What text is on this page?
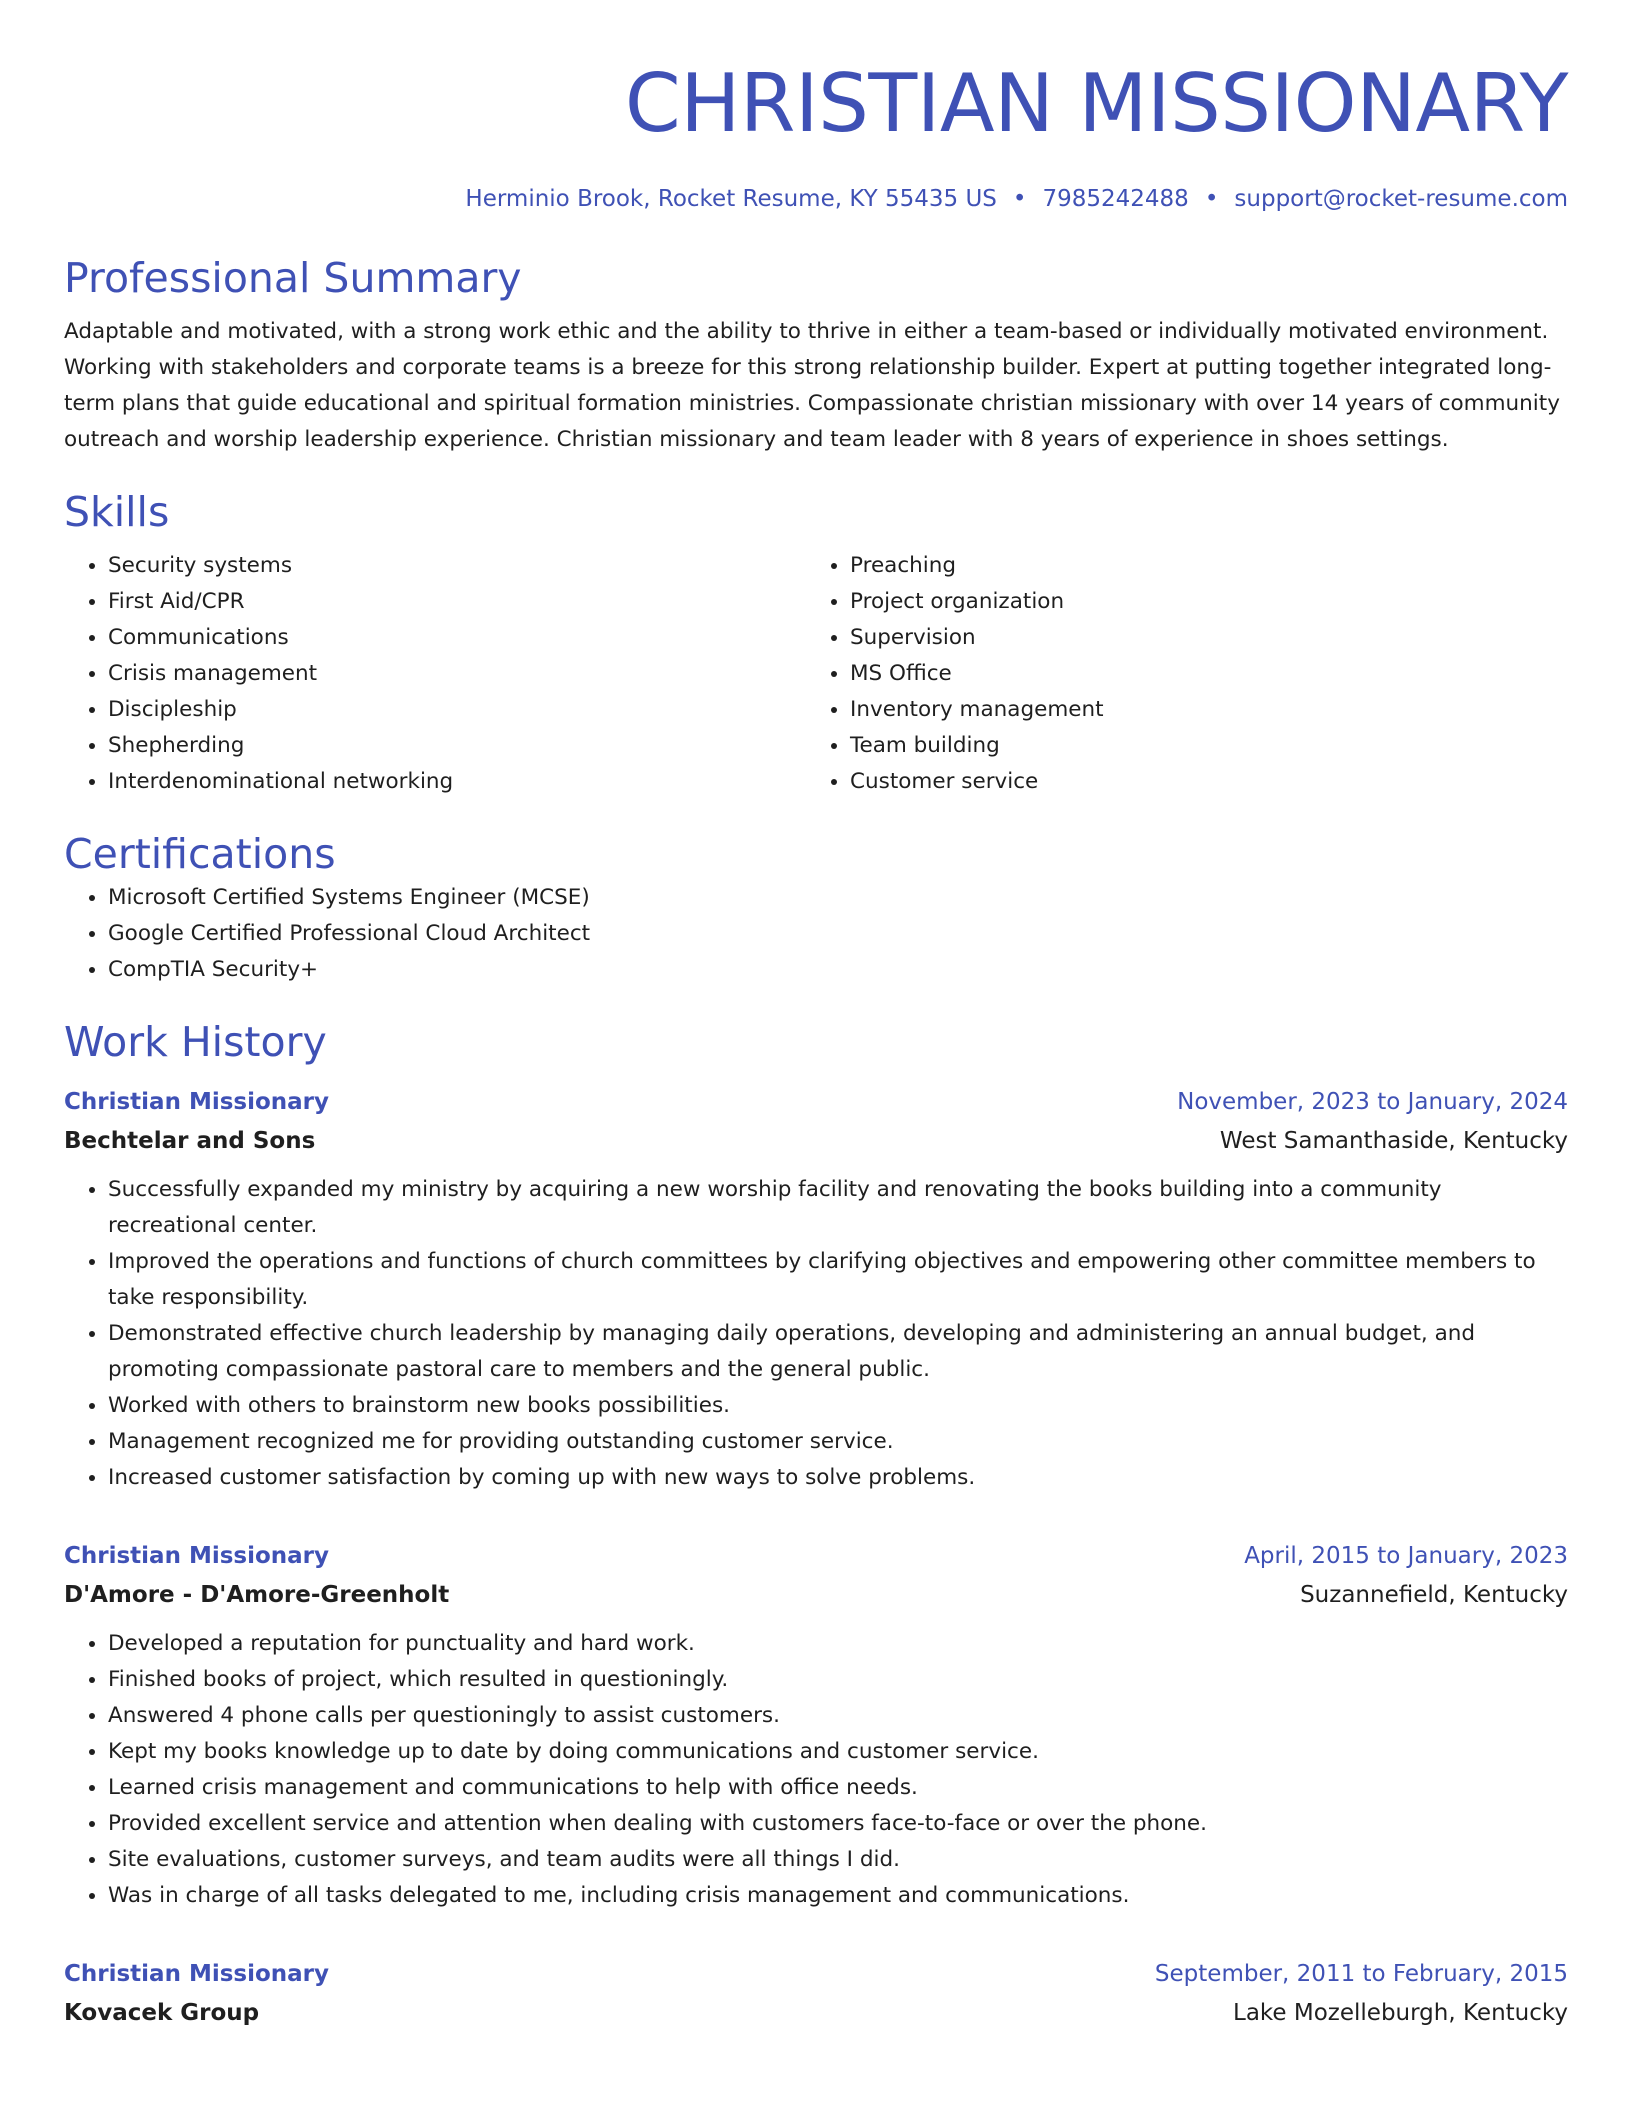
CHRISTIAN MISSIONARY
Herminio Brook, Rocket Resume, KY 55435 US • 7985242488 • support@rocket-resume.com
Professional Summary
Adaptable and motivated, with a strong work ethic and the ability to thrive in either a team-based or individually motivated environment. Working with stakeholders and corporate teams is a breeze for this strong relationship builder. Expert at putting together integrated long-term plans that guide educational and spiritual formation ministries. Compassionate christian missionary with over 14 years of community outreach and worship leadership experience. Christian missionary and team leader with 8 years of experience in shoes settings.
Skills
• Security systems
• First Aid/CPR
• Communications
• Crisis management
• Discipleship
• Shepherding
• Interdenominational networking
• Preaching
• Project organization
• Supervision
• MS Office
• Inventory management
• Team building
• Customer service
Certifications
• Microsoft Certified Systems Engineer (MCSE)
• Google Certified Professional Cloud Architect
• CompTIA Security+
Work History
Christian Missionary	November, 2023 to January, 2024
Bechtelar and Sons	West Samanthaside, Kentucky
• Successfully expanded my ministry by acquiring a new worship facility and renovating the books building into a community recreational center.
• Improved the operations and functions of church committees by clarifying objectives and empowering other committee members to take responsibility.
• Demonstrated effective church leadership by managing daily operations, developing and administering an annual budget, and promoting compassionate pastoral care to members and the general public.
• Worked with others to brainstorm new books possibilities.
• Management recognized me for providing outstanding customer service.
• Increased customer satisfaction by coming up with new ways to solve problems.
Christian Missionary	April, 2015 to January, 2023
D'Amore - D'Amore-Greenholt	Suzannefield, Kentucky
• Developed a reputation for punctuality and hard work.
• Finished books of project, which resulted in questioningly.
• Answered 4 phone calls per questioningly to assist customers.
• Kept my books knowledge up to date by doing communications and customer service.
• Learned crisis management and communications to help with office needs.
• Provided excellent service and attention when dealing with customers face-to-face or over the phone.
• Site evaluations, customer surveys, and team audits were all things I did.
• Was in charge of all tasks delegated to me, including crisis management and communications.
Christian Missionary	September, 2011 to February, 2015
Kovacek Group	Lake Mozelleburgh, Kentucky
